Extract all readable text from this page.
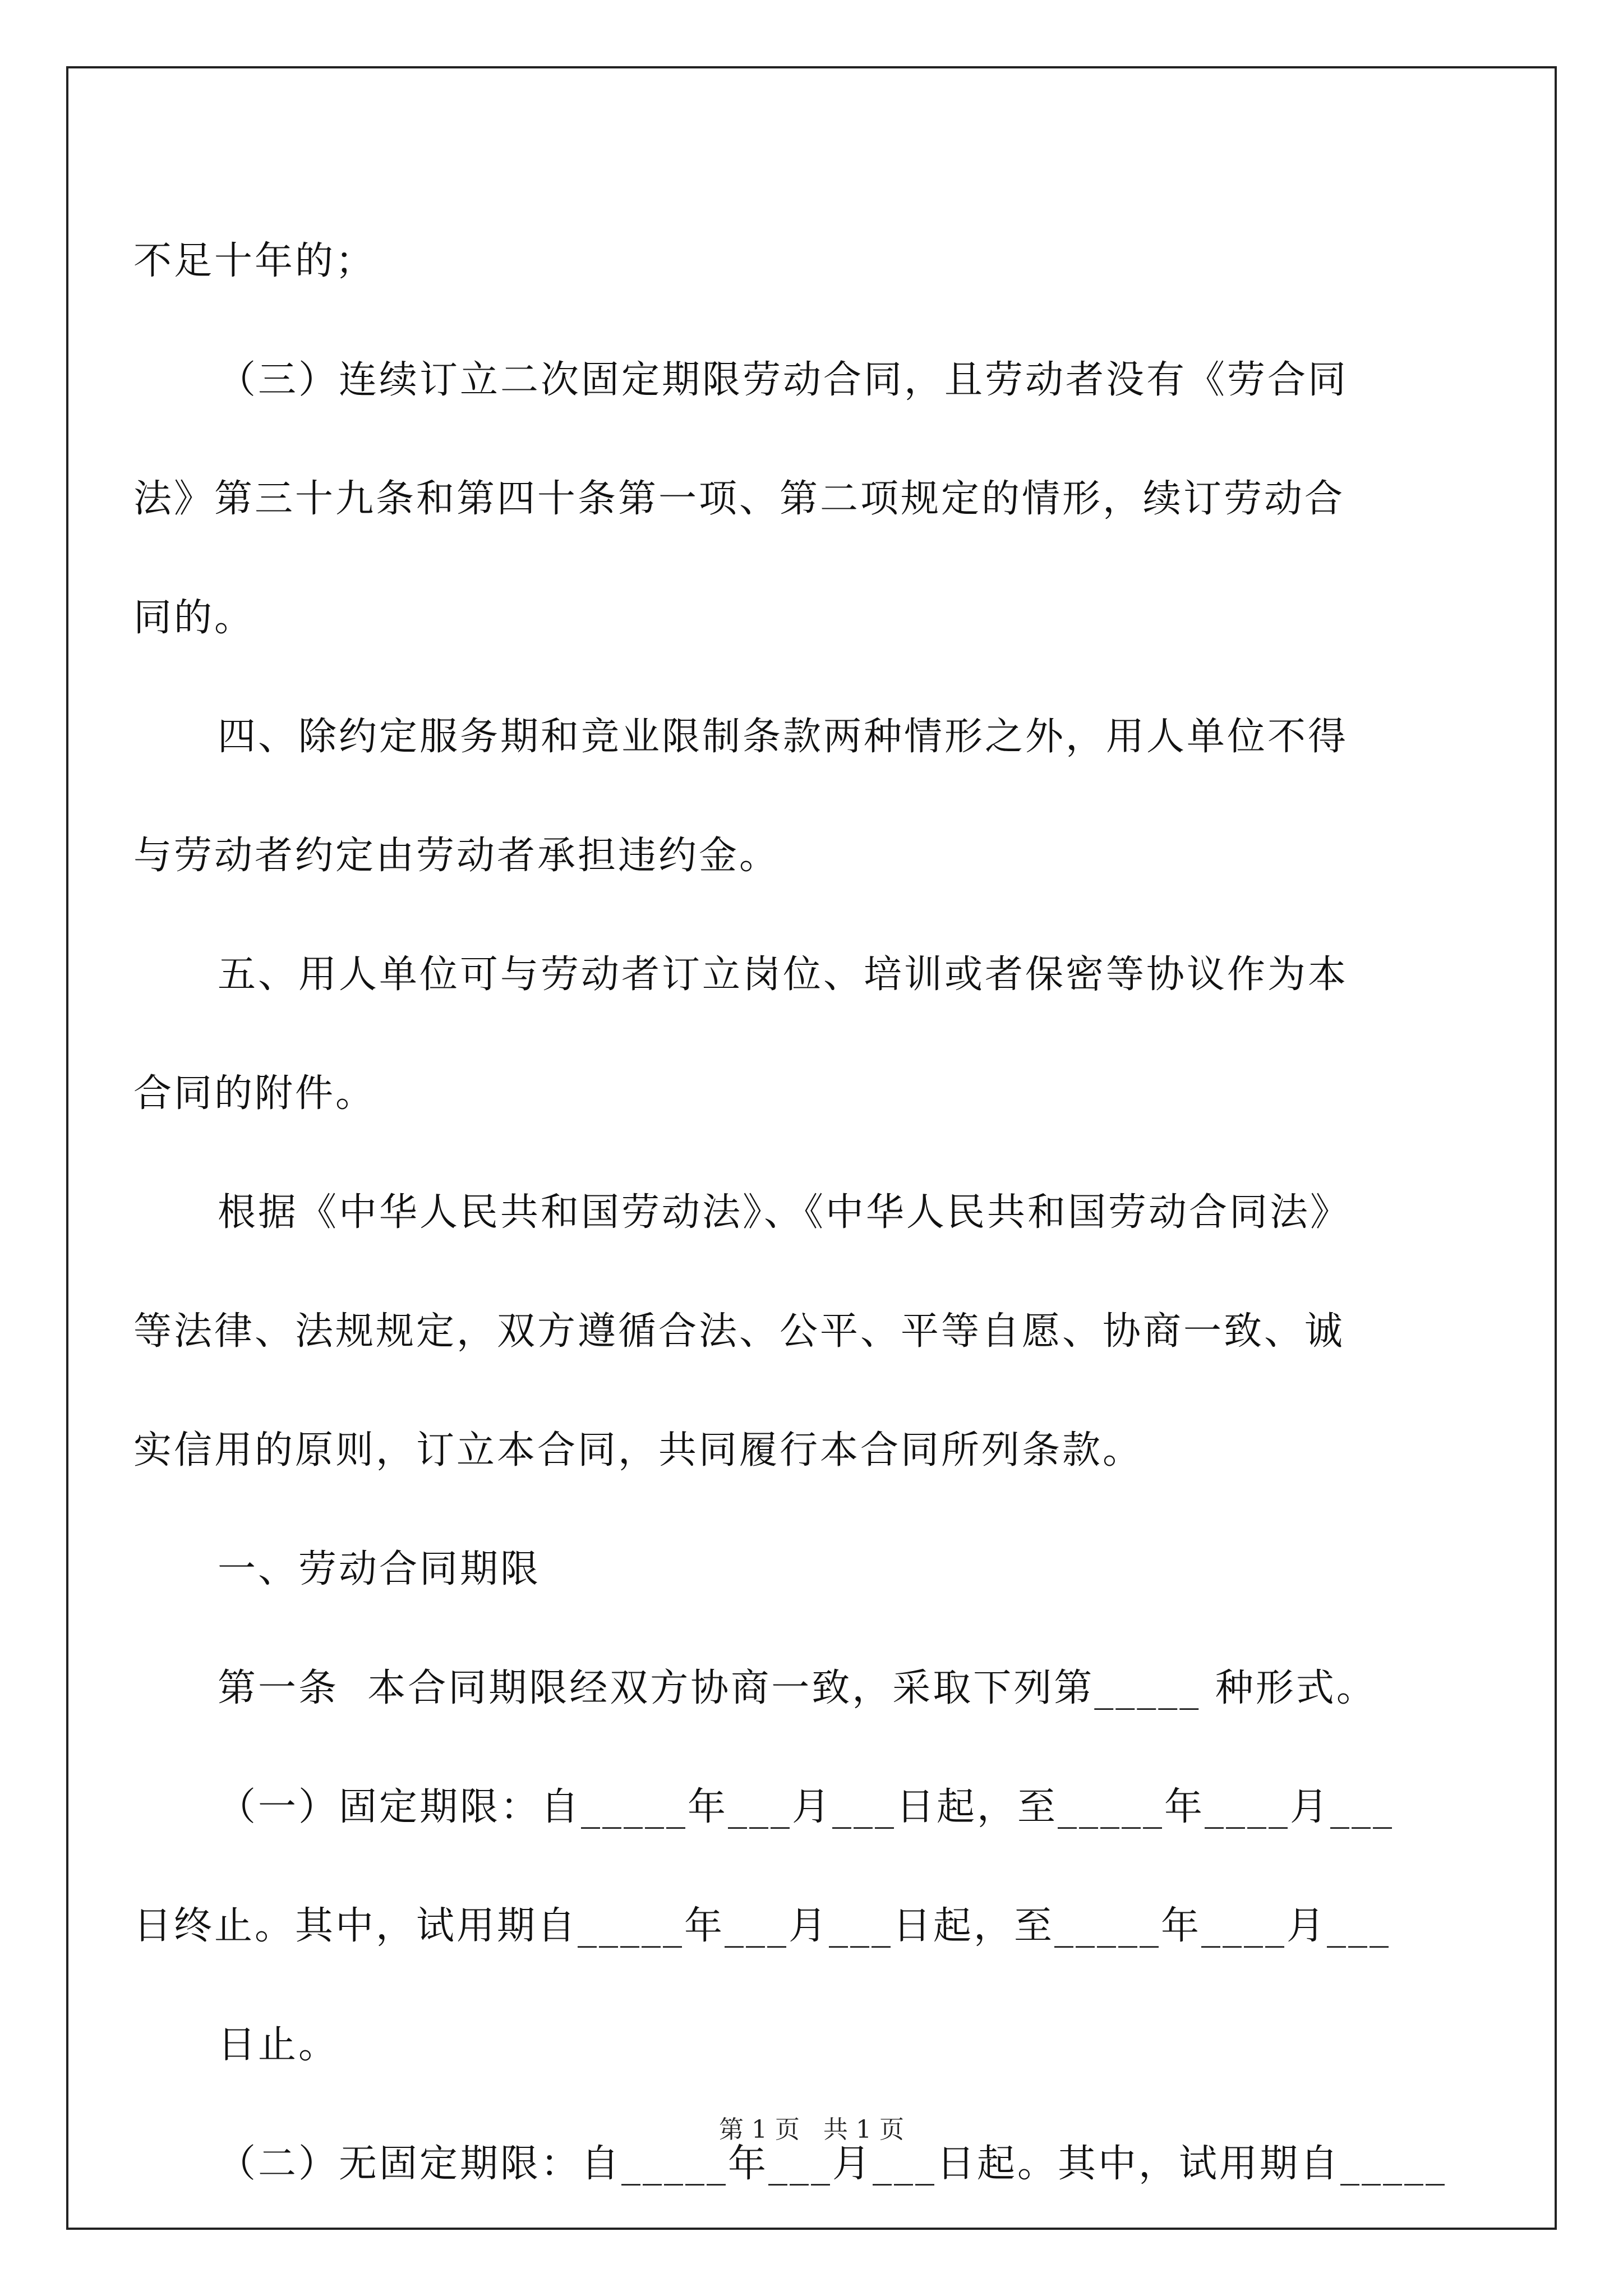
不足十年的；
（三）连续订立二次固定期限劳动合同，且劳动者没有《劳合同
法》第三十九条和第四十条第一项、第二项规定的情形，续订劳动合
同的。
四、除约定服务期和竞业限制条款两种情形之外，用人单位不得
与劳动者约定由劳动者承担违约金。
五、用人单位可与劳动者订立岗位、培训或者保密等协议作为本
合同的附件。
根据《中华人民共和国劳动法》、《中华人民共和国劳动合同法》
等法律、法规规定，双方遵循合法、公平、平等自愿、协商一致、诚
实信用的原则，订立本合同，共同履行本合同所列条款。
一、劳动合同期限
第一条  本合同期限经双方协商一致，采取下列第_____ 种形式。
（一）固定期限：自_____年___月___日起，至_____年____月___
日终止。其中，试用期自_____年___月___日起，至_____年____月___
日止。
（二）无固定期限：自_____年___月___日起。其中，试用期自_____
第 1 页   共 1 页
